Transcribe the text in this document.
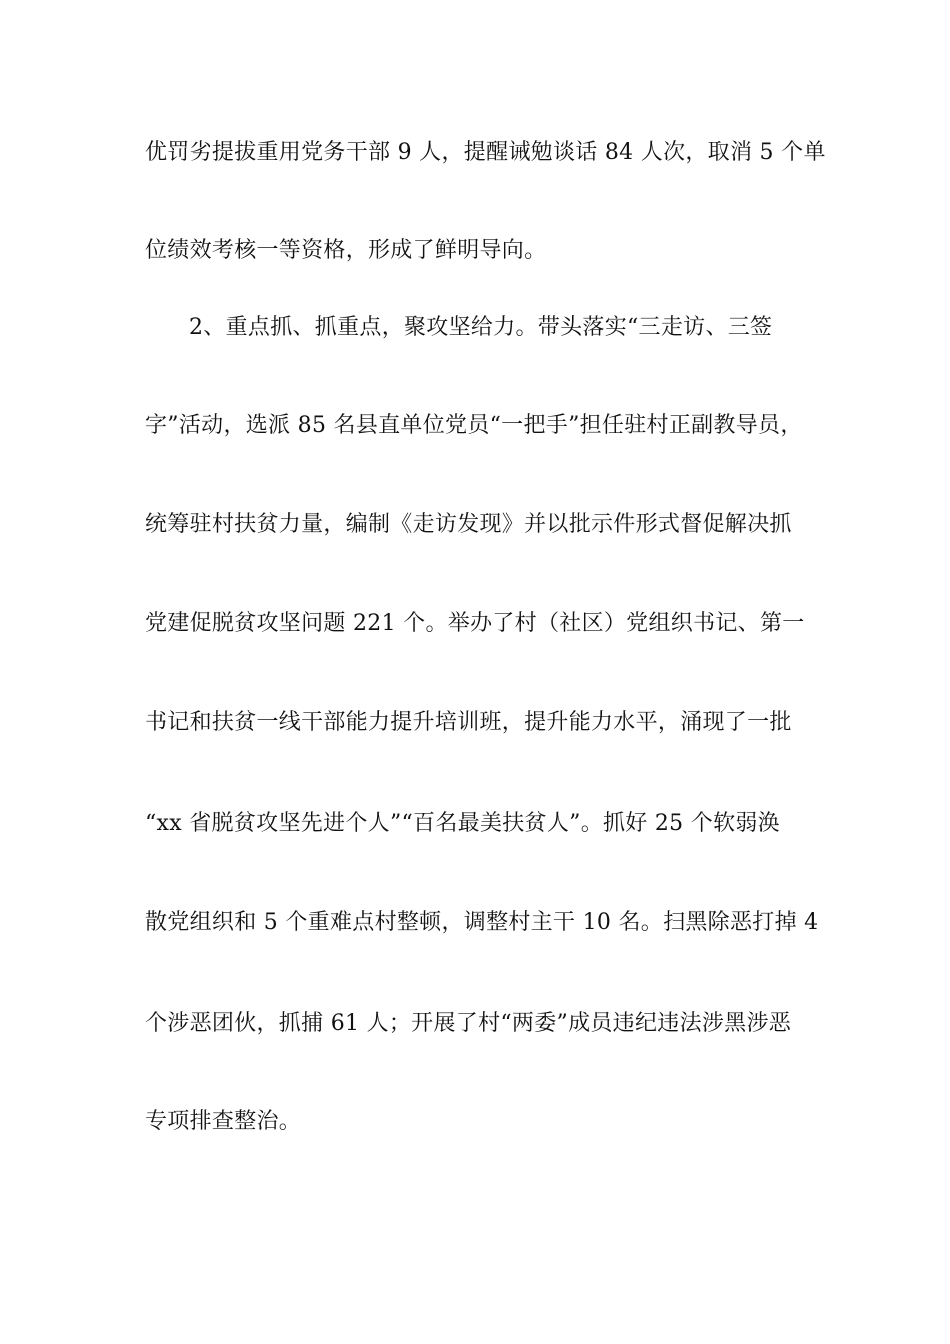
优罚劣提拔重用党务干部 9 人，提醒诫勉谈话 84 人次，取消 5 个单
位绩效考核一等资格，形成了鲜明导向。
2、重点抓、抓重点，聚攻坚给力。带头落实“三走访、三签
字”活动，选派 85 名县直单位党员“一把手”担任驻村正副教导员，
统筹驻村扶贫力量，编制《走访发现》并以批示件形式督促解决抓
党建促脱贫攻坚问题 221 个。举办了村（社区）党组织书记、第一
书记和扶贫一线干部能力提升培训班，提升能力水平，涌现了一批
“xx 省脱贫攻坚先进个人”“百名最美扶贫人”。抓好 25 个软弱涣
散党组织和 5 个重难点村整顿，调整村主干 10 名。扫黑除恶打掉 4
个涉恶团伙，抓捕 61 人；开展了村“两委”成员违纪违法涉黑涉恶
专项排查整治。
